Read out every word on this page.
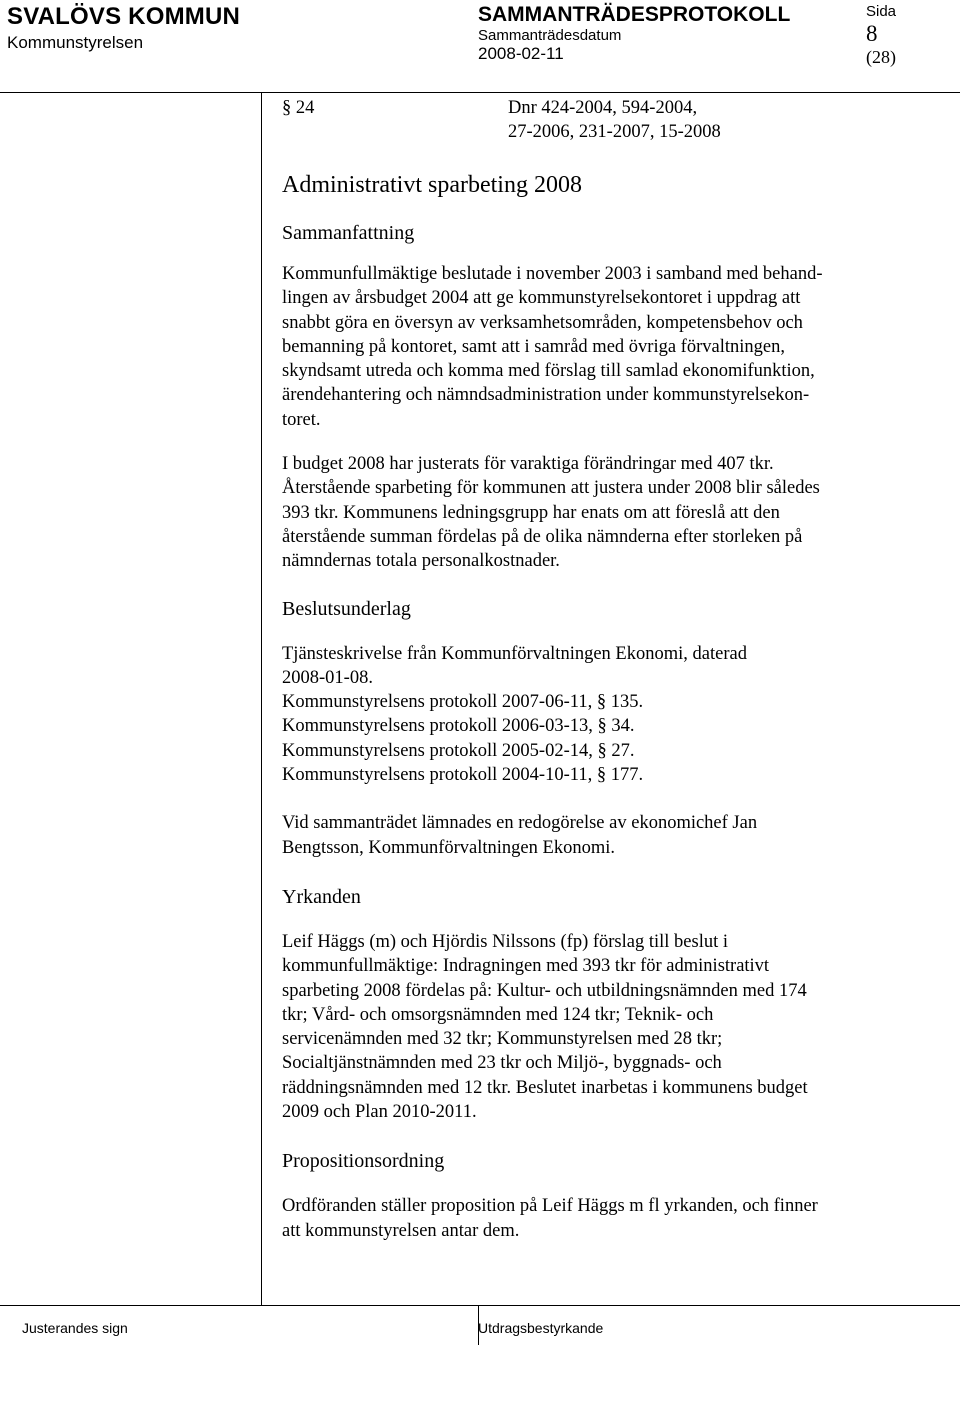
SVALÖVS KOMMUN
Kommunstyrelsen
SAMMANTRÄDESPROTOKOLL
Sammanträdesdatum
2008-02-11
Sida
8
(28)
§ 24	Dnr 424-2004, 594-2004,
27-2006, 231-2007, 15-2008
Administrativt sparbeting 2008
Sammanfattning

Kommunfullmäktige beslutade i november 2003 i samband med behand-
lingen av årsbudget 2004 att ge kommunstyrelsekontoret i uppdrag att
snabbt göra en översyn av verksamhetsområden, kompetensbehov och
bemanning på kontoret, samt att i samråd med övriga förvaltningen,
skyndsamt utreda och komma med förslag till samlad ekonomifunktion,
ärendehantering och nämndsadministration under kommunstyrelsekon-
toret.

I budget 2008 har justerats för varaktiga förändringar med 407 tkr.
Återstående sparbeting för kommunen att justera under 2008 blir således
393 tkr. Kommunens ledningsgrupp har enats om att föreslå att den
återstående summan fördelas på de olika nämnderna efter storleken på
nämndernas totala personalkostnader.

Beslutsunderlag

Tjänsteskrivelse från Kommunförvaltningen Ekonomi, daterad
2008-01-08.
Kommunstyrelsens protokoll 2007-06-11, § 135.
Kommunstyrelsens protokoll 2006-03-13, § 34.
Kommunstyrelsens protokoll 2005-02-14, § 27.
Kommunstyrelsens protokoll 2004-10-11, § 177.

Vid sammanträdet lämnades en redogörelse av ekonomichef Jan
Bengtsson, Kommunförvaltningen Ekonomi.

Yrkanden

Leif Häggs (m) och Hjördis Nilssons (fp) förslag till beslut i
kommunfullmäktige: Indragningen med 393 tkr för administrativt
sparbeting 2008 fördelas på: Kultur- och utbildningsnämnden med 174
tkr; Vård- och omsorgsnämnden med 124 tkr; Teknik- och
servicenämnden med 32 tkr; Kommunstyrelsen med 28 tkr;
Socialtjänstnämnden med 23 tkr och Miljö-, byggnads- och
räddningsnämnden med 12 tkr. Beslutet inarbetas i kommunens budget
2009 och Plan 2010-2011.

Propositionsordning

Ordföranden ställer proposition på Leif Häggs m fl yrkanden, och finner
att kommunstyrelsen antar dem.

Justerandes sign	Utdragsbestyrkande
